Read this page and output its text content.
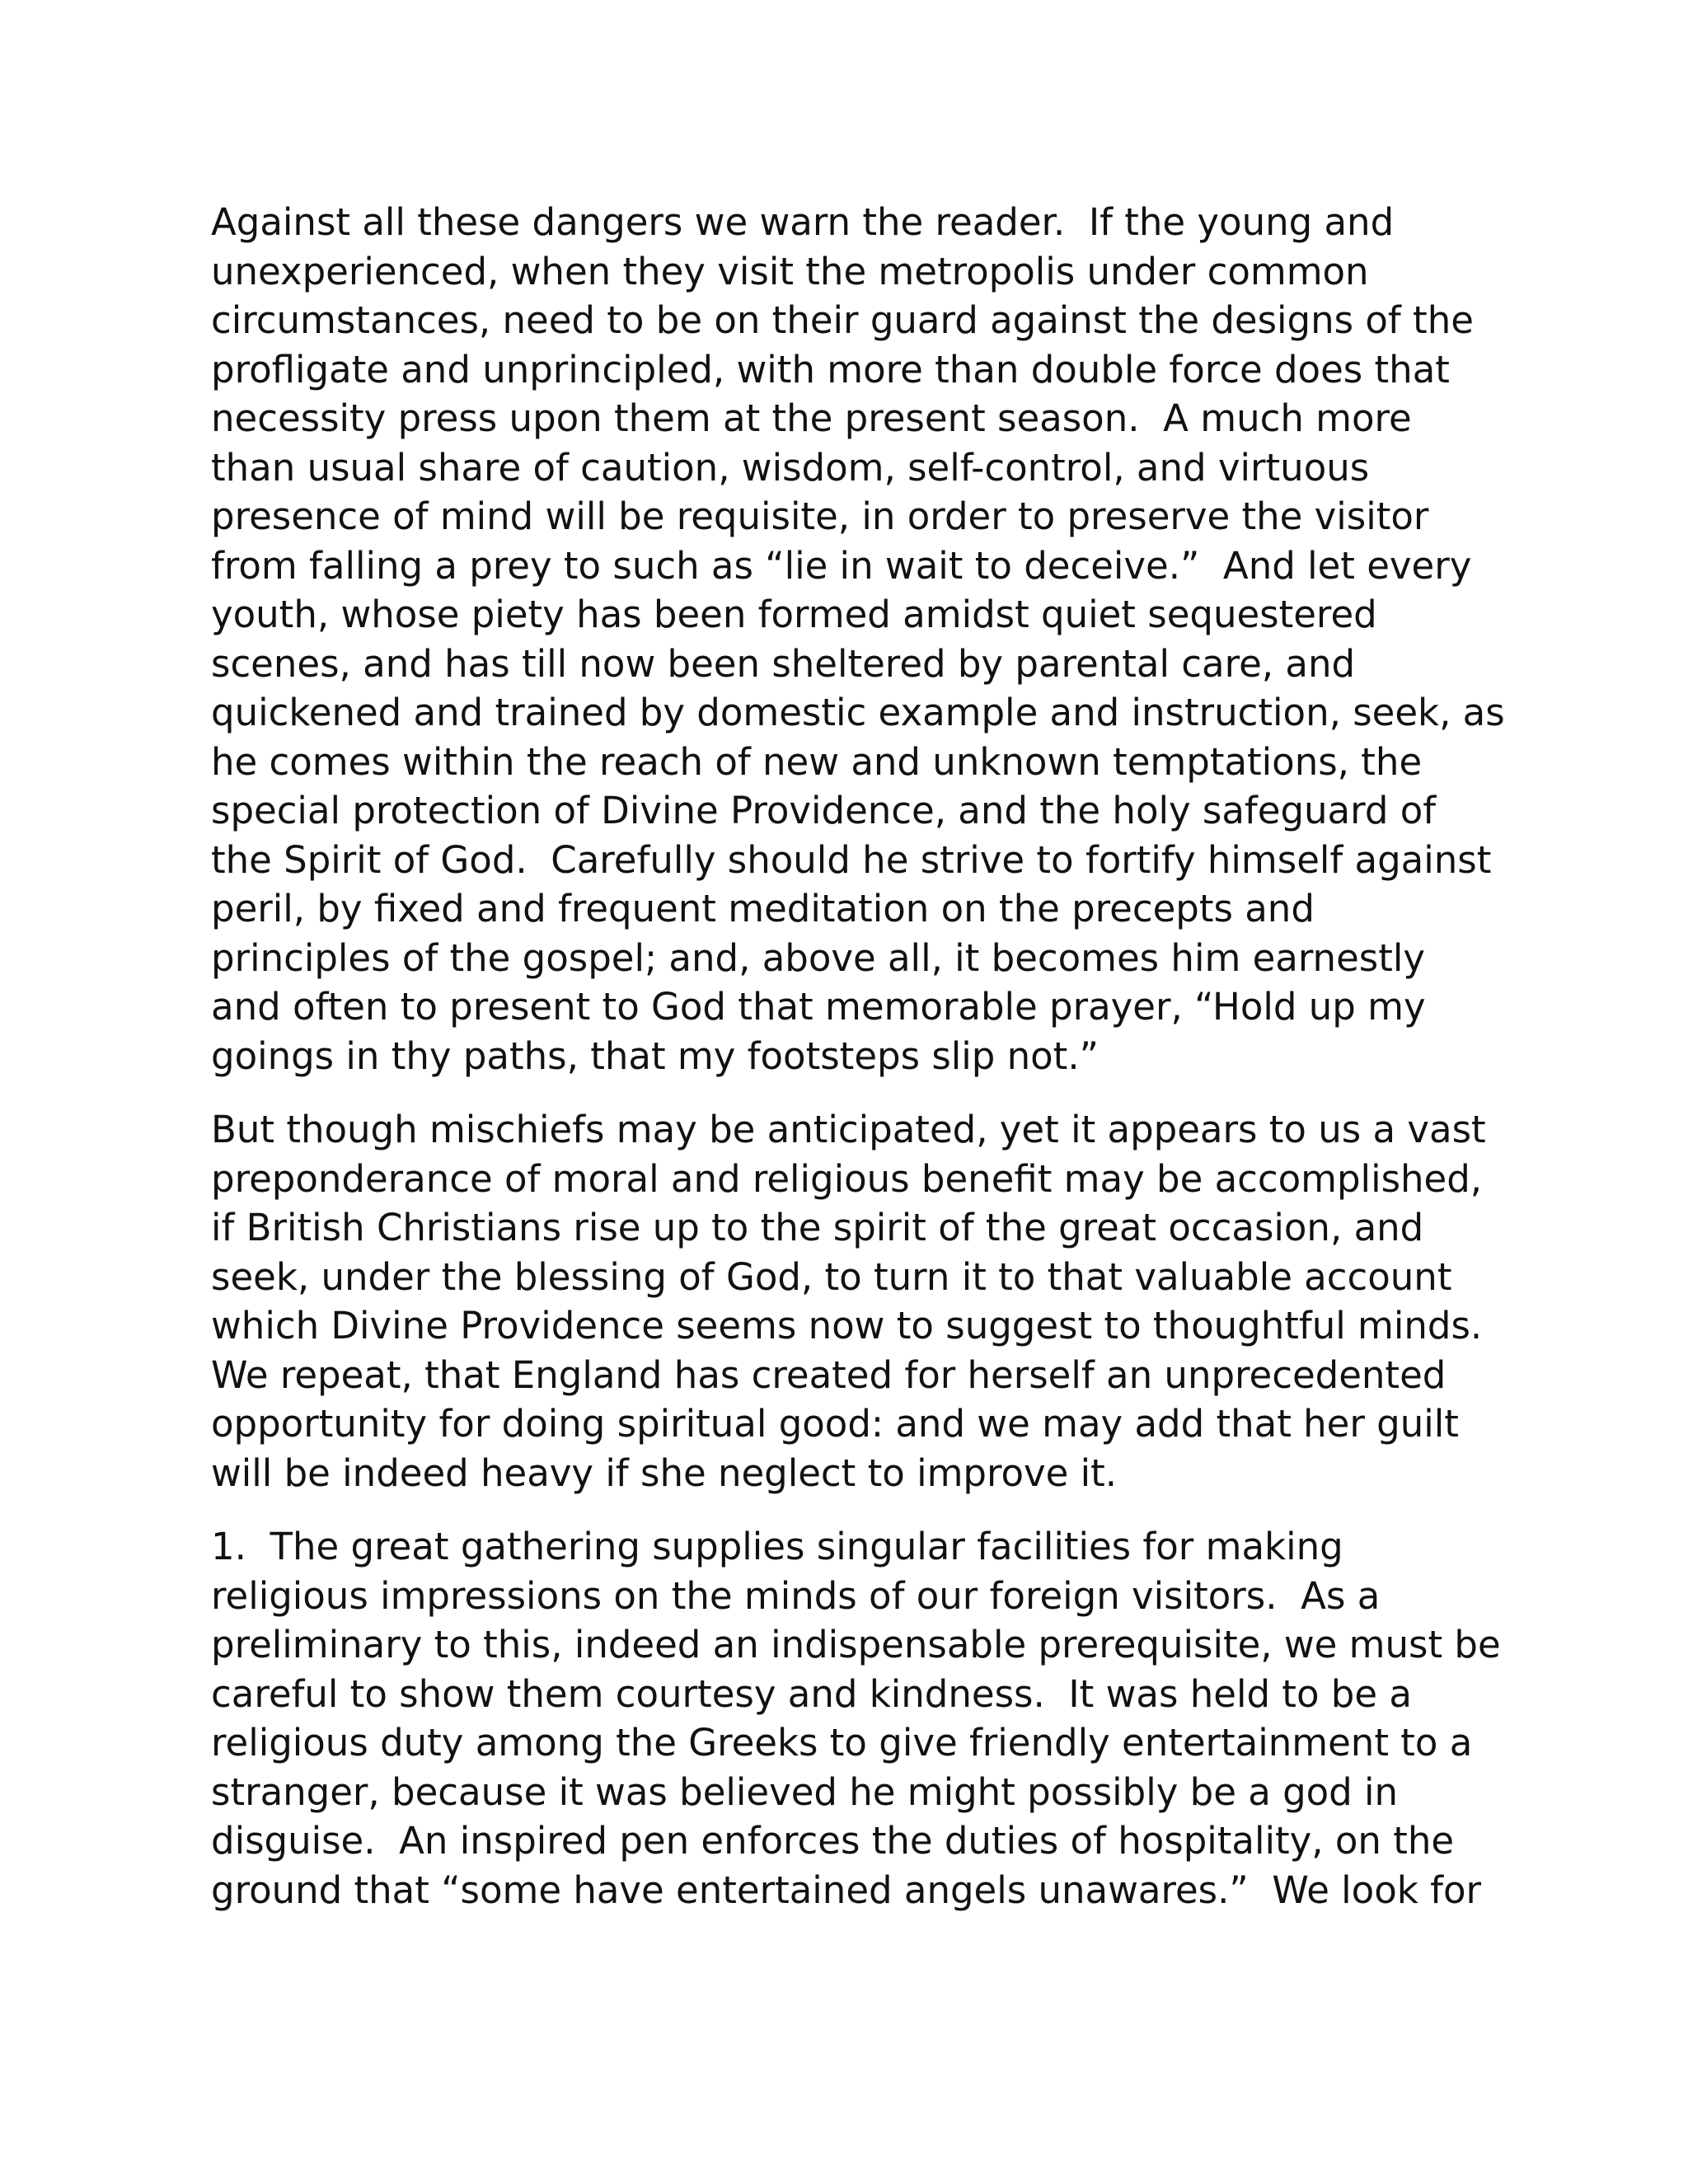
Against all these dangers we warn the reader.  If the young and
unexperienced, when they visit the metropolis under common
circumstances, need to be on their guard against the designs of the
profligate and unprincipled, with more than double force does that
necessity press upon them at the present season.  A much more
than usual share of caution, wisdom, self-control, and virtuous
presence of mind will be requisite, in order to preserve the visitor
from falling a prey to such as “lie in wait to deceive.”  And let every
youth, whose piety has been formed amidst quiet sequestered
scenes, and has till now been sheltered by parental care, and
quickened and trained by domestic example and instruction, seek, as
he comes within the reach of new and unknown temptations, the
special protection of Divine Providence, and the holy safeguard of
the Spirit of God.  Carefully should he strive to fortify himself against
peril, by fixed and frequent meditation on the precepts and
principles of the gospel; and, above all, it becomes him earnestly
and often to present to God that memorable prayer, “Hold up my
goings in thy paths, that my footsteps slip not.”

But though mischiefs may be anticipated, yet it appears to us a vast
preponderance of moral and religious benefit may be accomplished,
if British Christians rise up to the spirit of the great occasion, and
seek, under the blessing of God, to turn it to that valuable account
which Divine Providence seems now to suggest to thoughtful minds.
We repeat, that England has created for herself an unprecedented
opportunity for doing spiritual good: and we may add that her guilt
will be indeed heavy if she neglect to improve it.

1.  The great gathering supplies singular facilities for making
religious impressions on the minds of our foreign visitors.  As a
preliminary to this, indeed an indispensable prerequisite, we must be
careful to show them courtesy and kindness.  It was held to be a
religious duty among the Greeks to give friendly entertainment to a
stranger, because it was believed he might possibly be a god in
disguise.  An inspired pen enforces the duties of hospitality, on the
ground that “some have entertained angels unawares.”  We look for
